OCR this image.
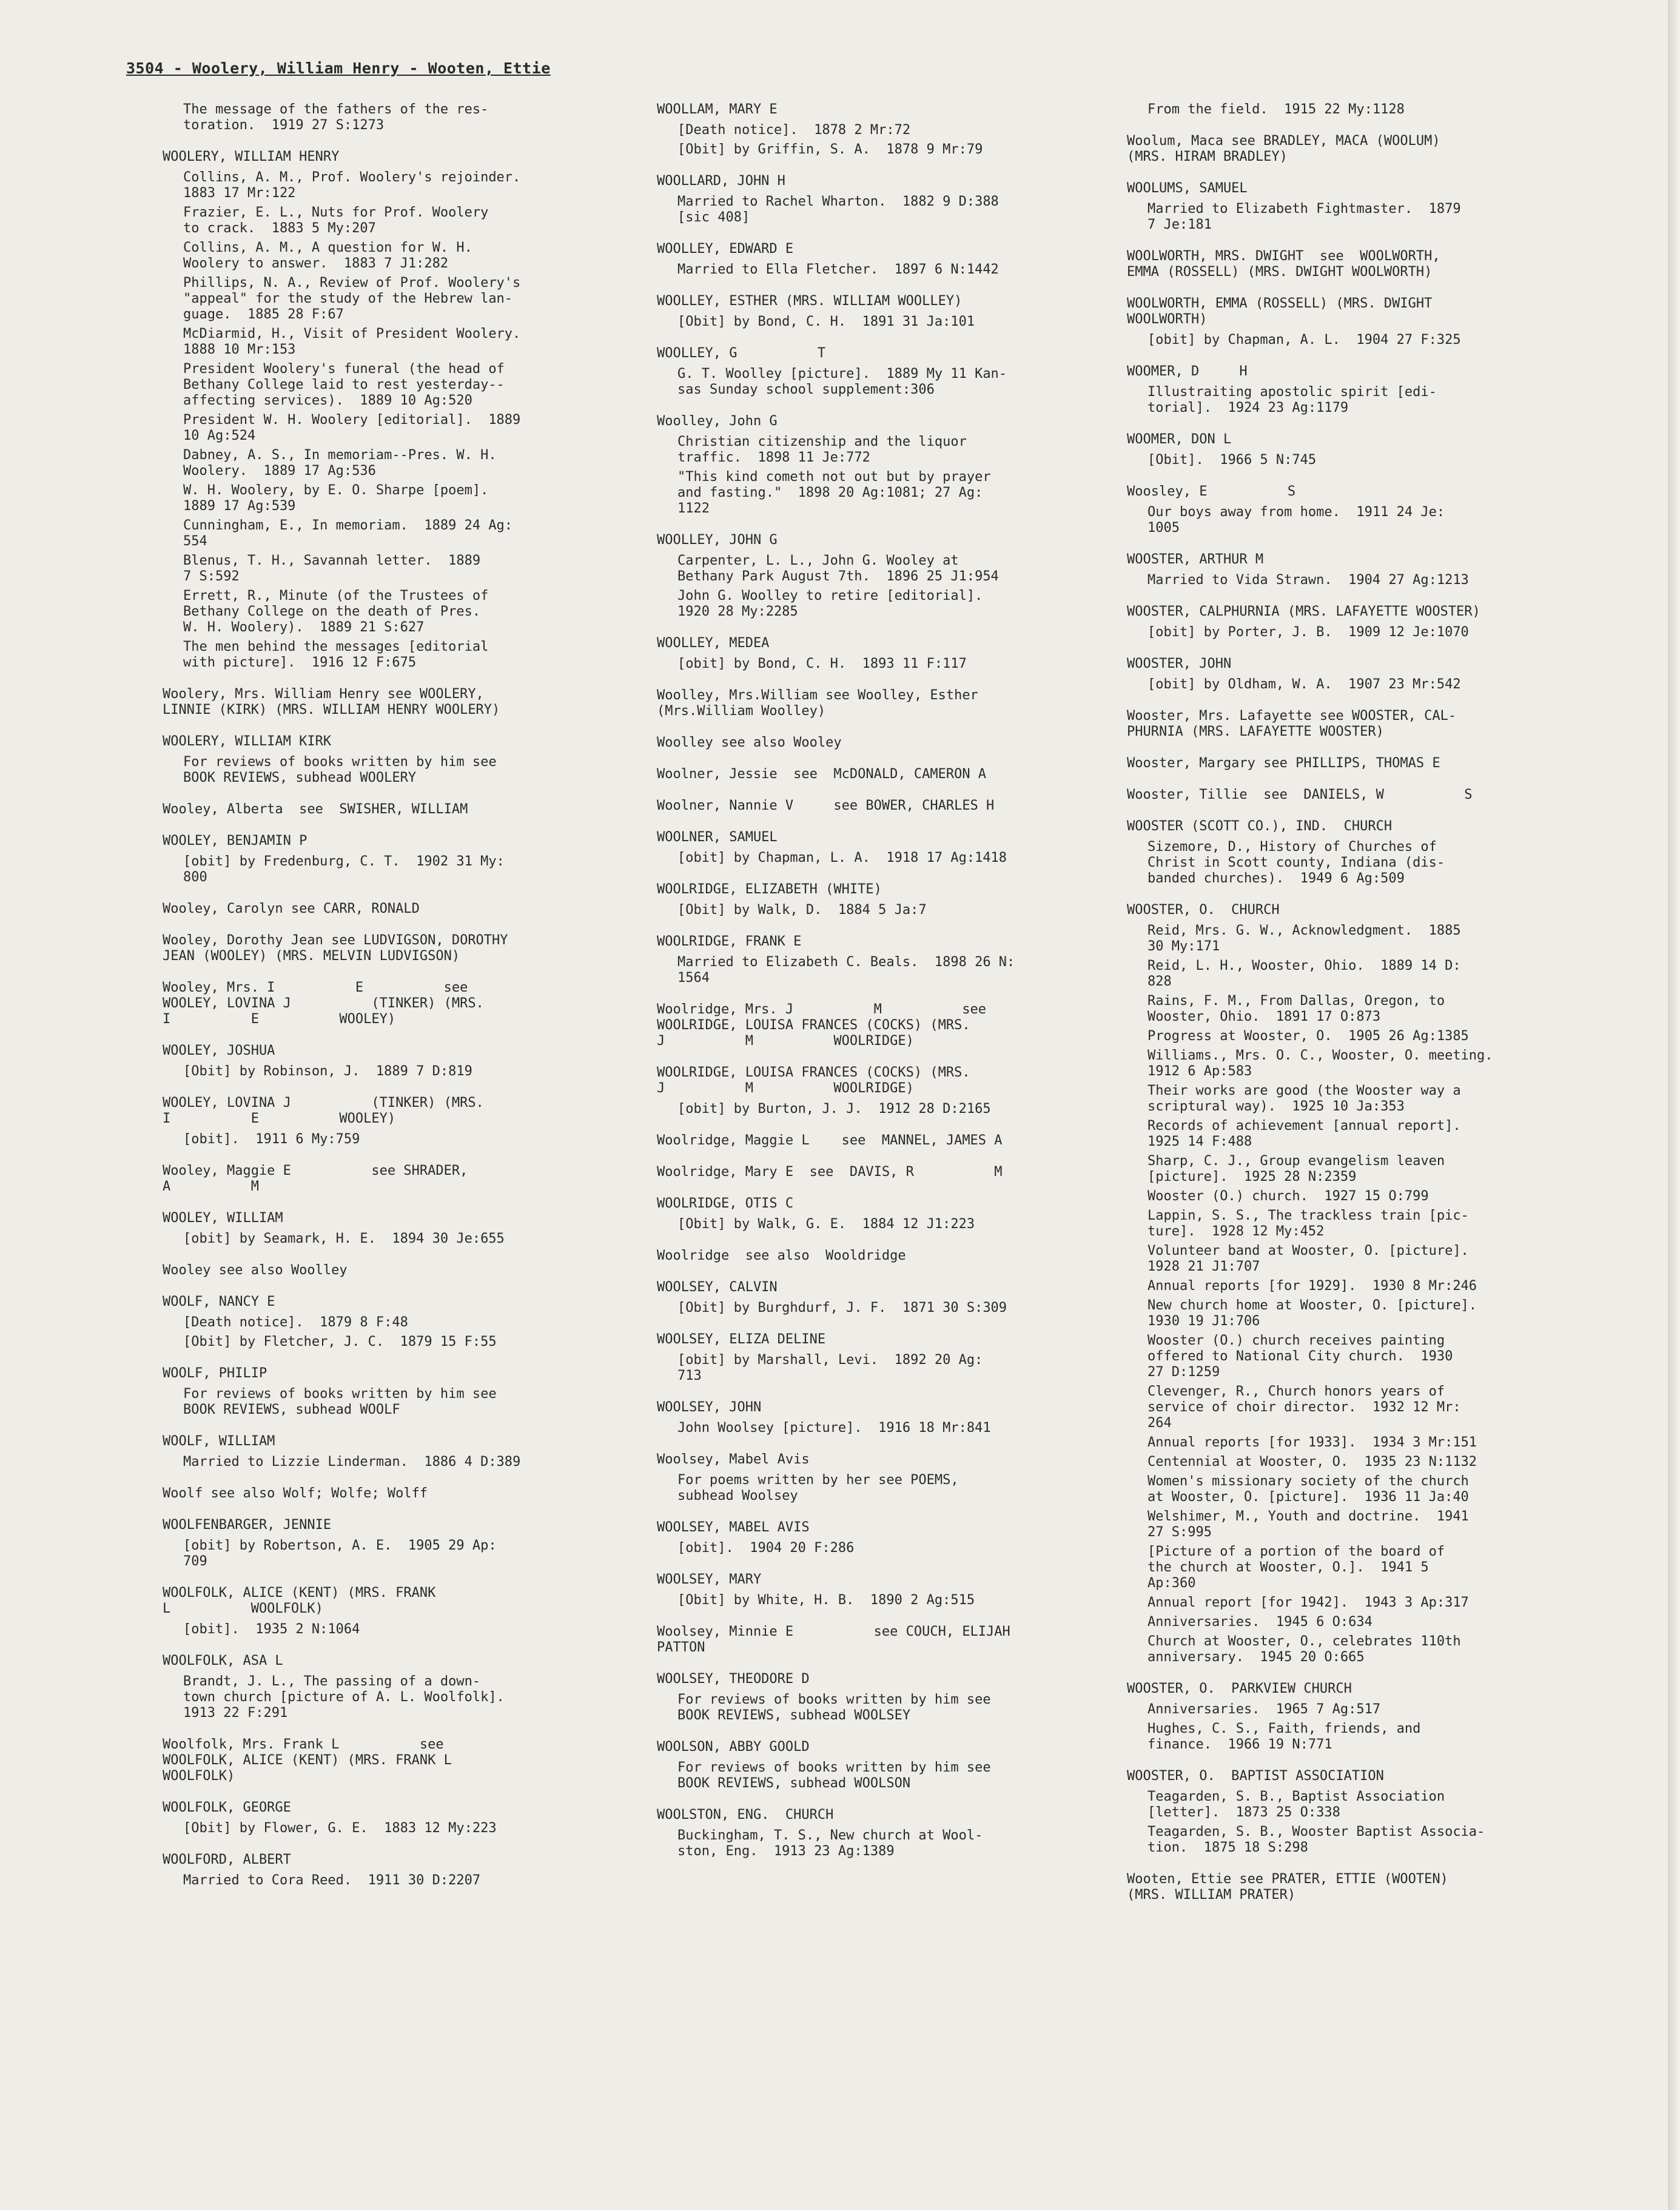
3504 - Woolery, William Henry - Wooten, Ettie
The message of the fathers of the res-
toration.  1919 27 S:1273
WOOLERY, WILLIAM HENRY
Collins, A. M., Prof. Woolery's rejoinder.
1883 17 Mr:122
Frazier, E. L., Nuts for Prof. Woolery
to crack.  1883 5 My:207
Collins, A. M., A question for W. H.
Woolery to answer.  1883 7 J1:282
Phillips, N. A., Review of Prof. Woolery's
"appeal" for the study of the Hebrew lan-
guage.  1885 28 F:67
McDiarmid, H., Visit of President Woolery.
1888 10 Mr:153
President Woolery's funeral (the head of
Bethany College laid to rest yesterday--
affecting services).  1889 10 Ag:520
President W. H. Woolery [editorial].  1889
10 Ag:524
Dabney, A. S., In memoriam--Pres. W. H.
Woolery.  1889 17 Ag:536
W. H. Woolery, by E. O. Sharpe [poem].
1889 17 Ag:539
Cunningham, E., In memoriam.  1889 24 Ag:
554
Blenus, T. H., Savannah letter.  1889
7 S:592
Errett, R., Minute (of the Trustees of
Bethany College on the death of Pres.
W. H. Woolery).  1889 21 S:627
The men behind the messages [editorial
with picture].  1916 12 F:675
Woolery, Mrs. William Henry see WOOLERY,
LINNIE (KIRK) (MRS. WILLIAM HENRY WOOLERY)
WOOLERY, WILLIAM KIRK
For reviews of books written by him see
BOOK REVIEWS, subhead WOOLERY
Wooley, Alberta  see  SWISHER, WILLIAM
WOOLEY, BENJAMIN P
[obit] by Fredenburg, C. T.  1902 31 My:
800
Wooley, Carolyn see CARR, RONALD
Wooley, Dorothy Jean see LUDVIGSON, DOROTHY
JEAN (WOOLEY) (MRS. MELVIN LUDVIGSON)
Wooley, Mrs. I          E          see
WOOLEY, LOVINA J          (TINKER) (MRS.
I          E          WOOLEY)
WOOLEY, JOSHUA
[Obit] by Robinson, J.  1889 7 D:819
WOOLEY, LOVINA J          (TINKER) (MRS.
I          E          WOOLEY)
[obit].  1911 6 My:759
Wooley, Maggie E          see SHRADER,
A          M
WOOLEY, WILLIAM
[obit] by Seamark, H. E.  1894 30 Je:655
Wooley see also Woolley
WOOLF, NANCY E
[Death notice].  1879 8 F:48
[Obit] by Fletcher, J. C.  1879 15 F:55
WOOLF, PHILIP
For reviews of books written by him see
BOOK REVIEWS, subhead WOOLF
WOOLF, WILLIAM
Married to Lizzie Linderman.  1886 4 D:389
Woolf see also Wolf; Wolfe; Wolff
WOOLFENBARGER, JENNIE
[obit] by Robertson, A. E.  1905 29 Ap:
709
WOOLFOLK, ALICE (KENT) (MRS. FRANK
L          WOOLFOLK)
[obit].  1935 2 N:1064
WOOLFOLK, ASA L
Brandt, J. L., The passing of a down-
town church [picture of A. L. Woolfolk].
1913 22 F:291
Woolfolk, Mrs. Frank L          see
WOOLFOLK, ALICE (KENT) (MRS. FRANK L
WOOLFOLK)
WOOLFOLK, GEORGE
[Obit] by Flower, G. E.  1883 12 My:223
WOOLFORD, ALBERT
Married to Cora Reed.  1911 30 D:2207
WOOLLAM, MARY E
[Death notice].  1878 2 Mr:72
[Obit] by Griffin, S. A.  1878 9 Mr:79
WOOLLARD, JOHN H
Married to Rachel Wharton.  1882 9 D:388
[sic 408]
WOOLLEY, EDWARD E
Married to Ella Fletcher.  1897 6 N:1442
WOOLLEY, ESTHER (MRS. WILLIAM WOOLLEY)
[Obit] by Bond, C. H.  1891 31 Ja:101
WOOLLEY, G          T
G. T. Woolley [picture].  1889 My 11 Kan-
sas Sunday school supplement:306
Woolley, John G
Christian citizenship and the liquor
traffic.  1898 11 Je:772
"This kind cometh not out but by prayer
and fasting."  1898 20 Ag:1081; 27 Ag:
1122
WOOLLEY, JOHN G
Carpenter, L. L., John G. Wooley at
Bethany Park August 7th.  1896 25 J1:954
John G. Woolley to retire [editorial].
1920 28 My:2285
WOOLLEY, MEDEA
[obit] by Bond, C. H.  1893 11 F:117
Woolley, Mrs.William see Woolley, Esther
(Mrs.William Woolley)
Woolley see also Wooley
Woolner, Jessie  see  McDONALD, CAMERON A
Woolner, Nannie V     see BOWER, CHARLES H
WOOLNER, SAMUEL
[obit] by Chapman, L. A.  1918 17 Ag:1418
WOOLRIDGE, ELIZABETH (WHITE)
[Obit] by Walk, D.  1884 5 Ja:7
WOOLRIDGE, FRANK E
Married to Elizabeth C. Beals.  1898 26 N:
1564
Woolridge, Mrs. J          M          see
WOOLRIDGE, LOUISA FRANCES (COCKS) (MRS.
J          M          WOOLRIDGE)
WOOLRIDGE, LOUISA FRANCES (COCKS) (MRS.
J          M          WOOLRIDGE)
[obit] by Burton, J. J.  1912 28 D:2165
Woolridge, Maggie L    see  MANNEL, JAMES A
Woolridge, Mary E  see  DAVIS, R          M
WOOLRIDGE, OTIS C
[Obit] by Walk, G. E.  1884 12 J1:223
Woolridge  see also  Wooldridge
WOOLSEY, CALVIN
[Obit] by Burghdurf, J. F.  1871 30 S:309
WOOLSEY, ELIZA DELINE
[obit] by Marshall, Levi.  1892 20 Ag:
713
WOOLSEY, JOHN
John Woolsey [picture].  1916 18 Mr:841
Woolsey, Mabel Avis
For poems written by her see POEMS,
subhead Woolsey
WOOLSEY, MABEL AVIS
[obit].  1904 20 F:286
WOOLSEY, MARY
[Obit] by White, H. B.  1890 2 Ag:515
Woolsey, Minnie E          see COUCH, ELIJAH
PATTON
WOOLSEY, THEODORE D
For reviews of books written by him see
BOOK REVIEWS, subhead WOOLSEY
WOOLSON, ABBY GOOLD
For reviews of books written by him see
BOOK REVIEWS, subhead WOOLSON
WOOLSTON, ENG.  CHURCH
Buckingham, T. S., New church at Wool-
ston, Eng.  1913 23 Ag:1389
From the field.  1915 22 My:1128
Woolum, Maca see BRADLEY, MACA (WOOLUM)
(MRS. HIRAM BRADLEY)
WOOLUMS, SAMUEL
Married to Elizabeth Fightmaster.  1879
7 Je:181
WOOLWORTH, MRS. DWIGHT  see  WOOLWORTH,
EMMA (ROSSELL) (MRS. DWIGHT WOOLWORTH)
WOOLWORTH, EMMA (ROSSELL) (MRS. DWIGHT
WOOLWORTH)
[obit] by Chapman, A. L.  1904 27 F:325
WOOMER, D     H
Illustraiting apostolic spirit [edi-
torial].  1924 23 Ag:1179
WOOMER, DON L
[Obit].  1966 5 N:745
Woosley, E          S
Our boys away from home.  1911 24 Je:
1005
WOOSTER, ARTHUR M
Married to Vida Strawn.  1904 27 Ag:1213
WOOSTER, CALPHURNIA (MRS. LAFAYETTE WOOSTER)
[obit] by Porter, J. B.  1909 12 Je:1070
WOOSTER, JOHN
[obit] by Oldham, W. A.  1907 23 Mr:542
Wooster, Mrs. Lafayette see WOOSTER, CAL-
PHURNIA (MRS. LAFAYETTE WOOSTER)
Wooster, Margary see PHILLIPS, THOMAS E
Wooster, Tillie  see  DANIELS, W          S
WOOSTER (SCOTT CO.), IND.  CHURCH
Sizemore, D., History of Churches of
Christ in Scott county, Indiana (dis-
banded churches).  1949 6 Ag:509
WOOSTER, O.  CHURCH
Reid, Mrs. G. W., Acknowledgment.  1885
30 My:171
Reid, L. H., Wooster, Ohio.  1889 14 D:
828
Rains, F. M., From Dallas, Oregon, to
Wooster, Ohio.  1891 17 O:873
Progress at Wooster, O.  1905 26 Ag:1385
Williams., Mrs. O. C., Wooster, O. meeting.
1912 6 Ap:583
Their works are good (the Wooster way a
scriptural way).  1925 10 Ja:353
Records of achievement [annual report].
1925 14 F:488
Sharp, C. J., Group evangelism leaven
[picture].  1925 28 N:2359
Wooster (O.) church.  1927 15 O:799
Lappin, S. S., The trackless train [pic-
ture].  1928 12 My:452
Volunteer band at Wooster, O. [picture].
1928 21 J1:707
Annual reports [for 1929].  1930 8 Mr:246
New church home at Wooster, O. [picture].
1930 19 J1:706
Wooster (O.) church receives painting
offered to National City church.  1930
27 D:1259
Clevenger, R., Church honors years of
service of choir director.  1932 12 Mr:
264
Annual reports [for 1933].  1934 3 Mr:151
Centennial at Wooster, O.  1935 23 N:1132
Women's missionary society of the church
at Wooster, O. [picture].  1936 11 Ja:40
Welshimer, M., Youth and doctrine.  1941
27 S:995
[Picture of a portion of the board of
the church at Wooster, O.].  1941 5
Ap:360
Annual report [for 1942].  1943 3 Ap:317
Anniversaries.  1945 6 O:634
Church at Wooster, O., celebrates 110th
anniversary.  1945 20 O:665
WOOSTER, O.  PARKVIEW CHURCH
Anniversaries.  1965 7 Ag:517
Hughes, C. S., Faith, friends, and
finance.  1966 19 N:771
WOOSTER, O.  BAPTIST ASSOCIATION
Teagarden, S. B., Baptist Association
[letter].  1873 25 O:338
Teagarden, S. B., Wooster Baptist Associa-
tion.  1875 18 S:298
Wooten, Ettie see PRATER, ETTIE (WOOTEN)
(MRS. WILLIAM PRATER)
